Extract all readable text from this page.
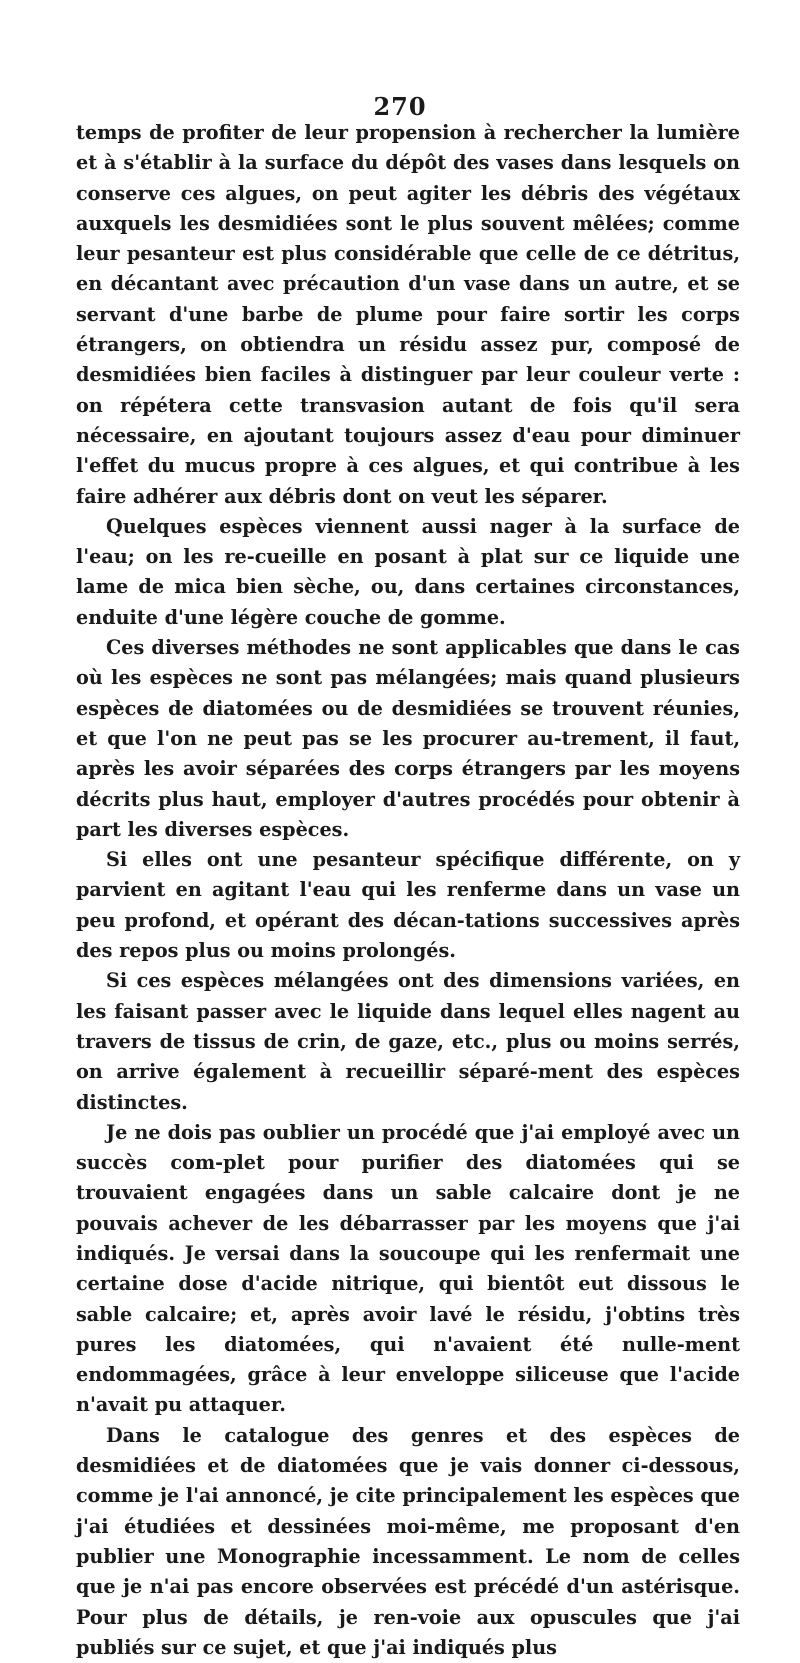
270

temps de profiter de leur propension à rechercher la lumière et à s'établir à la surface du dépôt des vases dans lesquels on conserve ces algues, on peut agiter les débris des végétaux auxquels les desmidiées sont le plus souvent mêlées; comme leur pesanteur est plus considérable que celle de ce détritus, en décantant avec précaution d'un vase dans un autre, et se servant d'une barbe de plume pour faire sortir les corps étrangers, on obtiendra un résidu assez pur, composé de desmidiées bien faciles à distinguer par leur couleur verte : on répétera cette transvasion autant de fois qu'il sera nécessaire, en ajoutant toujours assez d'eau pour diminuer l'effet du mucus propre à ces algues, et qui contribue à les faire adhérer aux débris dont on veut les séparer.

Quelques espèces viennent aussi nager à la surface de l'eau; on les re-cueille en posant à plat sur ce liquide une lame de mica bien sèche, ou, dans certaines circonstances, enduite d'une légère couche de gomme.

Ces diverses méthodes ne sont applicables que dans le cas où les espèces ne sont pas mélangées; mais quand plusieurs espèces de diatomées ou de desmidiées se trouvent réunies, et que l'on ne peut pas se les procurer au-trement, il faut, après les avoir séparées des corps étrangers par les moyens décrits plus haut, employer d'autres procédés pour obtenir à part les diverses espèces.

Si elles ont une pesanteur spécifique différente, on y parvient en agitant l'eau qui les renferme dans un vase un peu profond, et opérant des décan-tations successives après des repos plus ou moins prolongés.

Si ces espèces mélangées ont des dimensions variées, en les faisant passer avec le liquide dans lequel elles nagent au travers de tissus de crin, de gaze, etc., plus ou moins serrés, on arrive également à recueillir séparé-ment des espèces distinctes.

Je ne dois pas oublier un procédé que j'ai employé avec un succès com-plet pour purifier des diatomées qui se trouvaient engagées dans un sable calcaire dont je ne pouvais achever de les débarrasser par les moyens que j'ai indiqués. Je versai dans la soucoupe qui les renfermait une certaine dose d'acide nitrique, qui bientôt eut dissous le sable calcaire; et, après avoir lavé le résidu, j'obtins très pures les diatomées, qui n'avaient été nulle-ment endommagées, grâce à leur enveloppe siliceuse que l'acide n'avait pu attaquer.

Dans le catalogue des genres et des espèces de desmidiées et de diatomées que je vais donner ci-dessous, comme je l'ai annoncé, je cite principalement les espèces que j'ai étudiées et dessinées moi-même, me proposant d'en publier une Monographie incessamment. Le nom de celles que je n'ai pas encore observées est précédé d'un astérisque. Pour plus de détails, je ren-voie aux opuscules que j'ai publiés sur ce sujet, et que j'ai indiqués plus
